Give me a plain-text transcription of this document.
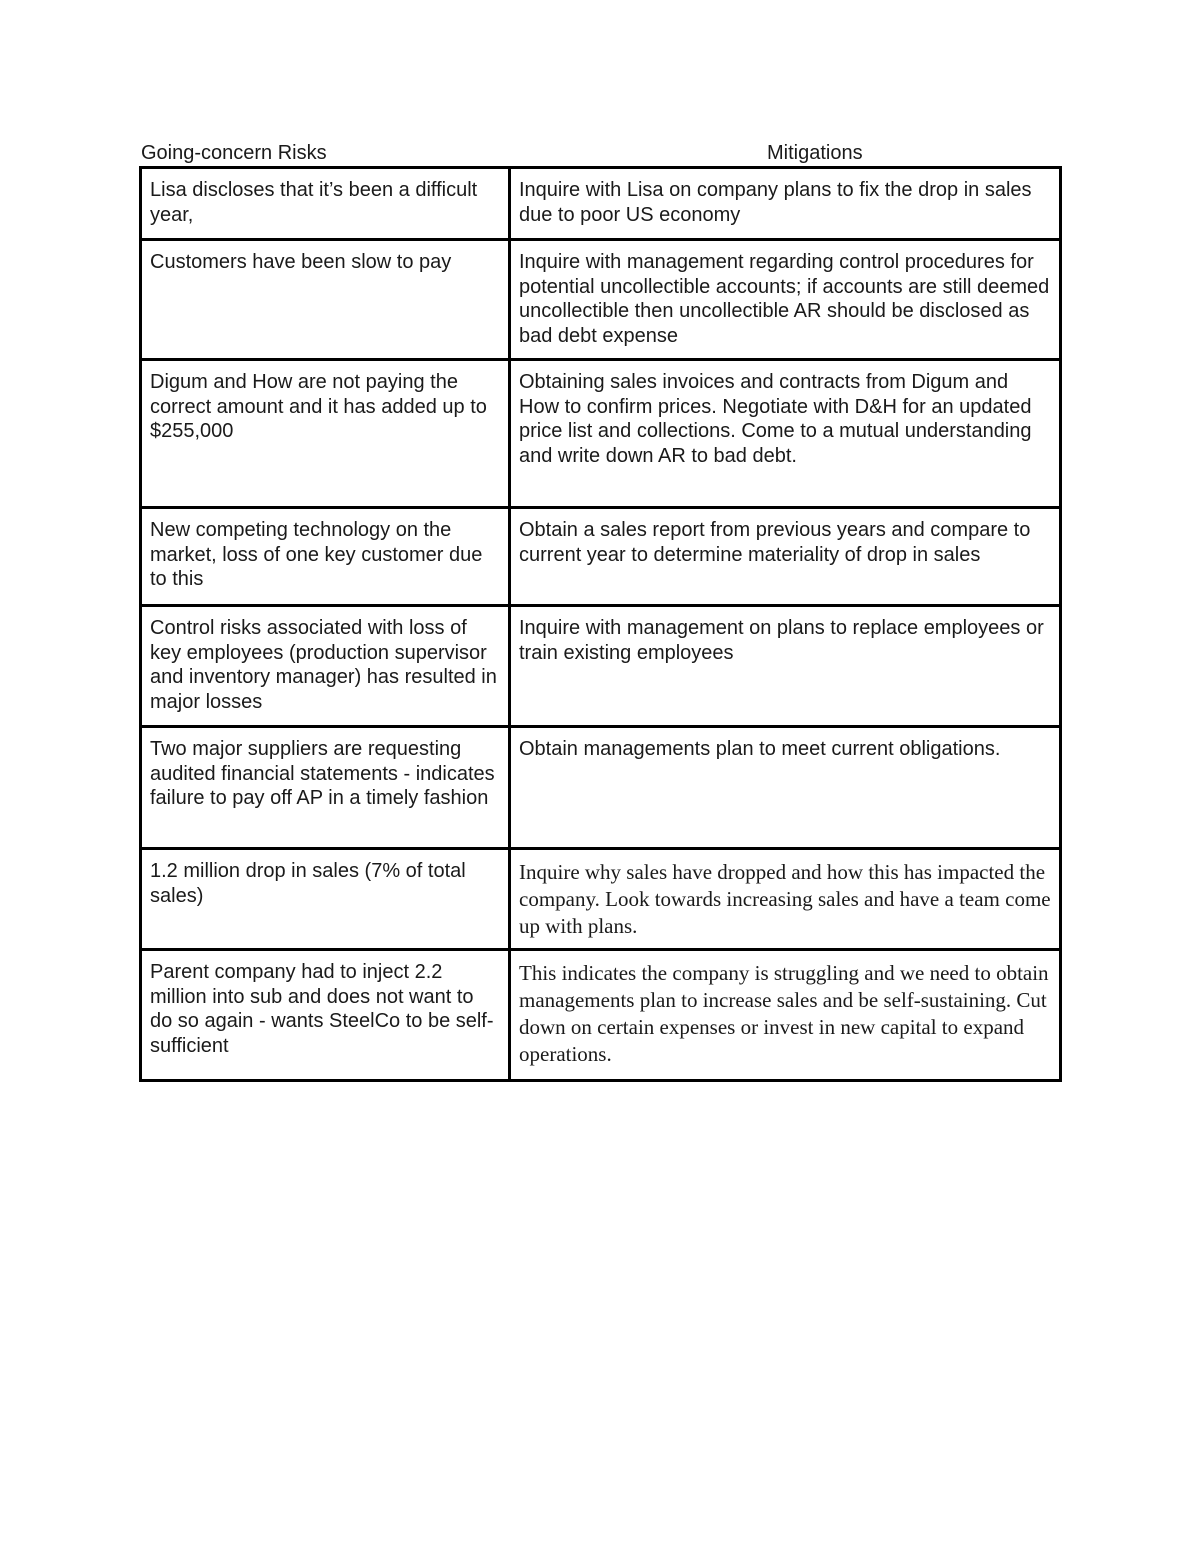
Going-concern Risks	Mitigations
Lisa discloses that it’s been a difficult year,	Inquire with Lisa on company plans to fix the drop in sales due to poor US economy
Customers have been slow to pay	Inquire with management regarding control procedures for potential uncollectible accounts; if accounts are still deemed uncollectible then uncollectible AR should be disclosed as bad debt expense
Digum and How are not paying the correct amount and it has added up to $255,000	Obtaining sales invoices and contracts from Digum and How to confirm prices. Negotiate with D&H for an updated price list and collections. Come to a mutual understanding and write down AR to bad debt.
New competing technology on the market, loss of one key customer due to this	Obtain a sales report from previous years and compare to current year to determine materiality of drop in sales
Control risks associated with loss of key employees (production supervisor and inventory manager) has resulted in major losses	Inquire with management on plans to replace employees or train existing employees
Two major suppliers are requesting audited financial statements - indicates failure to pay off AP in a timely fashion	Obtain managements plan to meet current obligations.
1.2 million drop in sales (7% of total sales)	Inquire why sales have dropped and how this has impacted the company. Look towards increasing sales and have a team come up with plans.
Parent company had to inject 2.2 million into sub and does not want to do so again - wants SteelCo to be self-sufficient	This indicates the company is struggling and we need to obtain managements plan to increase sales and be self-sustaining. Cut down on certain expenses or invest in new capital to expand operations.
